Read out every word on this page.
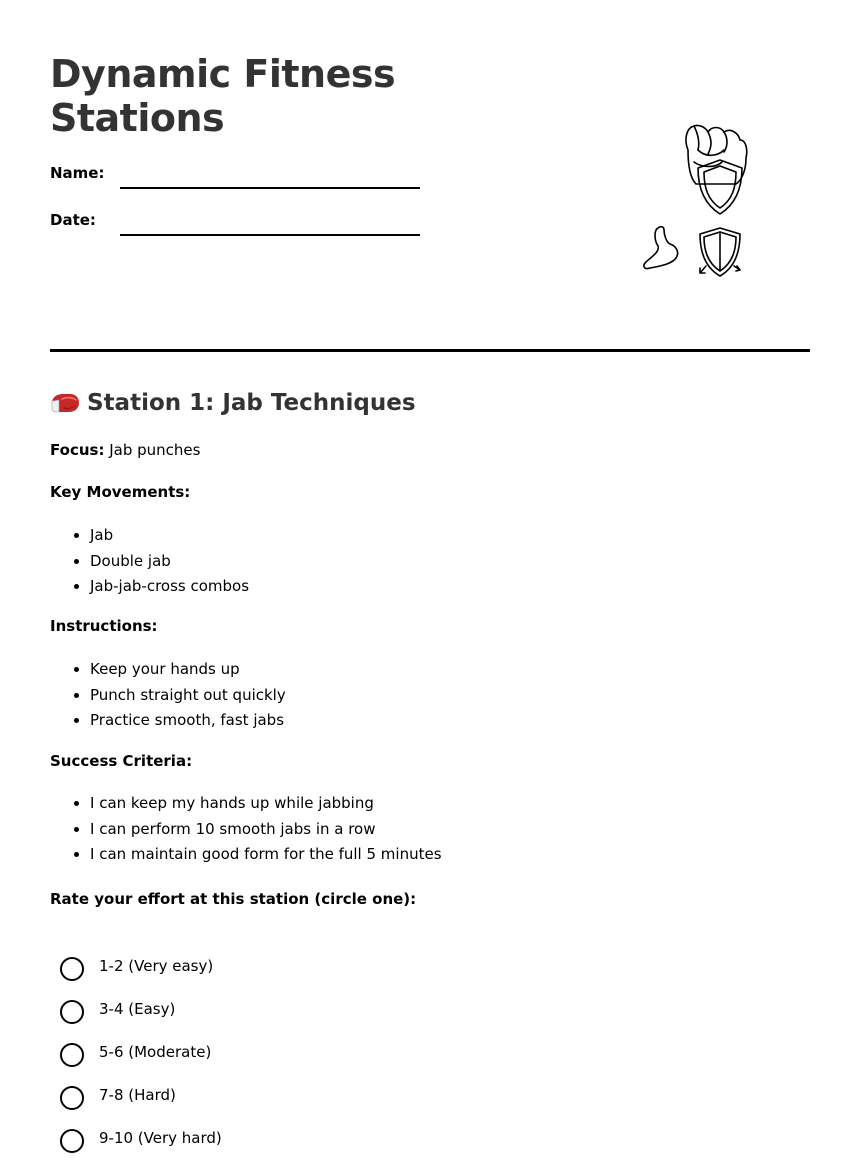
Dynamic Fitness Stations
Name:
Date:
Station 1: Jab Techniques

Focus: Jab punches

Key Movements:

• Jab
• Double jab
• Jab-jab-cross combos

Instructions:

• Keep your hands up
• Punch straight out quickly
• Practice smooth, fast jabs

Success Criteria:

• I can keep my hands up while jabbing
• I can perform 10 smooth jabs in a row
• I can maintain good form for the full 5 minutes
Rate your effort at this station (circle one):
1-2 (Very easy)
3-4 (Easy)
5-6 (Moderate)
7-8 (Hard)
9-10 (Very hard)
